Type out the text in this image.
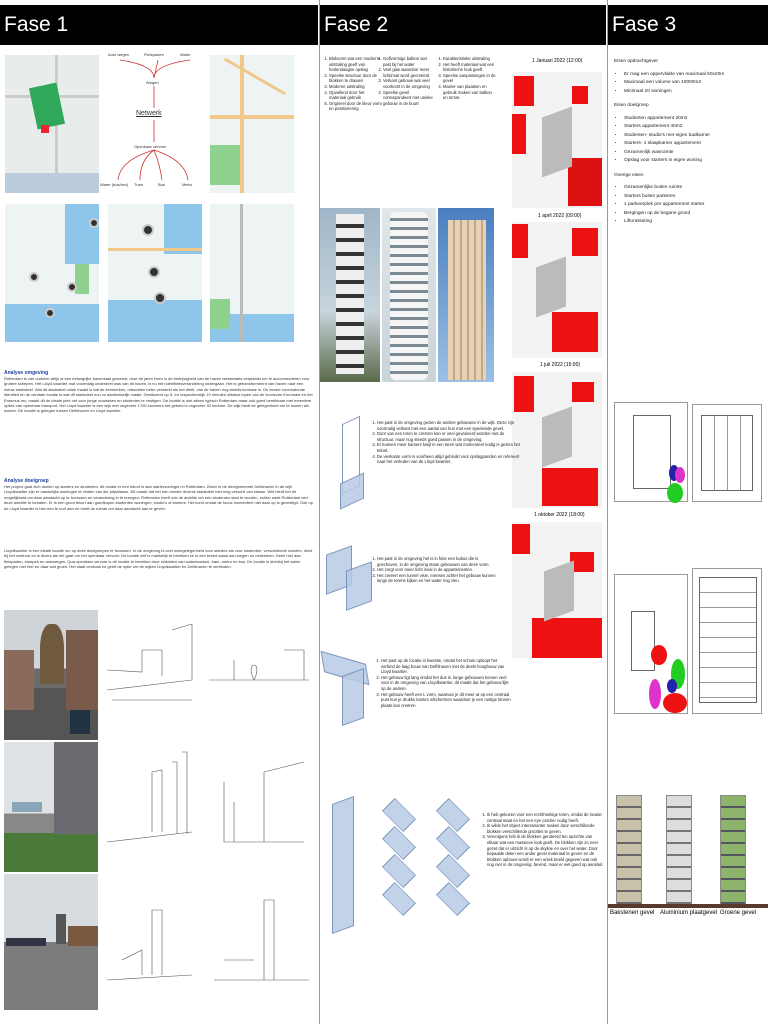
Fase 1
Auto wegen	Fietspaden	Water
Wegen
Netwerk
Openbaar vervoer
Water (bus/taxi) Tram	Bus	Metro
Analyse omgeving
Rotterdam is van oudsher altijd al een belangrijke havenstad geweest, door de jaren heen is de bedrijvigheid van de haven westwaarts verplaatst om te accommoderen voor grotere schepen. Het Lloyd kwartier, wat voormalig onderdeel was van de haven, is nu een identiteitsverandering ondergaan. Het is getransformeerd van haven naar een nieuw stadsdeel. Wat dit stadsdeel uniek maakt is dat de kenmerken, misschien beter verwerkt als het deelt, van de haven nog steeds kenbaar is. De eerder voormalende identiteit en de centrale locatie is wat dit stadsdeel nou zo aantrekkelijk maakt. Gesitueerd op 5- en respectievelijk 10 minuten afstand lopen van de iconische Euromast en het Erasmus mc, maakt dit de ideale plek om voor jonge ouwassen en studenten te vestigen. De locatie is niet alleen typisch Rotterdam maar ook goed bereikbaar met meerdere opties van openbaar transport. Het Lloyd kwartier is een wijk met ongeveer 1700 inwoners het gebied is ongeveer 30 hectare. De wijk biedt de gelegenheid om te wonen als wonen. De locatie is gelegen tussen Delfshaven en Lloyd kwartier.
Analyse doelgroep
Het project gaat zich doelen op starters en studenten, dit omdat er een tekort is aan startersoningen in Rotterdam. Zeker in de deelgemeente Delfshaven in de wijk Lloydkwartier zijn er nauwelijks woningen te vinden van die prijsklasse. Dit maakt dat het een minder diverse stadsdeel met enig verschil van klasse. Wel biedt het de mogelijkheid om daar aandacht op te focussen en verandering in te brengen. Rotterdam heeft ook de ambitie om een studenten stad te worden, echter weet Rotterdam niet deze ambitie te behalen. Er is een groot tekort aan goedkopen studenten woningen, studio's of kamers. Het komt omdat de focus momenteel niet daar op is gevestigd. Ook op de Lloyd kwartier is hier een te kort aan en heeft de ruimte om daar aandacht aan te geven.
Lloydkwartier is een ideale locatie om op deze doelgroepen te focussen. In de omgeving is veel werkgelegenheid voor starters als voor studenten, verschillende scholen, dicht bij het centrum en is divers als het gaat om het openbaar vervoer. De locatie zelf is makkelijk te bereiken ze is een breed saaia aan wegen en netwerken. Denk hier aan fietspaden, stoepen en autowegen. Qua openbaar vervoer is de locatie te bereiken door middelen van waterbus/taxi, tram, metro en bus. De locatie is dichtbij het water gelegen met hier en daar wat groen. Het staat centraal en geeft de optie om de wijken Lloydkwartier en Delfshaven te verbinden.
Fase 2
1. Blokvorm wat een moderne uitstraling geeft van hedendaagse opslag
2. Speelse structuur door de blokken te draaien
3. Moderne uitstraling
4. Opvallend door het materiaal gebruik
5. Origineel door de kleur vorm en positionering
1. Golfvormige balkon wat past bij het water
2. Veel glas waardoor meer lichtinval word gecreëerd
3. Verkant gebouw wat veel voorkomt in de omgeving
4. Speelse gevel correspondeert met unieke gebouw in de buurt
1. Karakteristieke uitstraling
2. Het heeft materiaal wat een historische look geeft
3. Speelse aanpassingen in de gevel
4. Manier van plaatsen en gebruik maken van balkon en terras
1 Januari 2022 (12:00)
1 april 2022 (09:00)
1 juli 2022 (15:00)
1 oktober 2022 (18:00)
1. Het past in de omgeving gezien de andere gebouwen in de wijk. Deze zijn voormalig verkant met een aantal van hun met een speelende gevel.
2. Door van een toren te creëren kan er veel gevarieerd worden met de structuur, maar nog steeds goed passen in de omgeving.
3. Er kunnen meer kamers kwijt in een toren wat momenteel nodig is gezien het tekort.
4. De vierkante vorm is voorheen altijd gebruikt voor opslagpanden en refereert naar het verleden van de Lloyd kwartier.
1. Het past in de omgeving het is in feite een kubus die is geschoven, in de omgeving staan gebouwen van deze vorm.
2. Het zorgt voor meer licht inval in de appartementen.
3. Het creëert een tunnel visie, mensen achter het gebouw kunnen langs de torens kijken en het water nog zien.
1. Het past op de locatie in kwestie, omdat het schuin oploopt het verbind de laag bouw van Delfshaven met de deels hoogbouw van Lloyd kwartier.
2. Het gebouw ligt lang omdat het dus is. lange gebouwen komen veel voor in de omgeving van Lloydkwartier, dit maakt dat het gebouw lijkt op de andere.
3. Het gebouw heeft een L vorm, waarvan je dit meer at op een centraal punt kun je drukke kanten afschermen waardoor je een rustige binnen plaats kan creëren.
1. Ik heb gekozen voor een rechthoekige toren, omdat de locatie centraal staat en het een eye catcher nodig heeft.
2. Ik wilde het object interessanter maken door verschillende blokken verschillende groottes te geven.
3. Vervolgens heb ik de blokken geroteerd ten opzichte van elkaar wat een massieve look geeft. De blokken zijn zo neer gezet dat er uitzicht is op de skyline en over het water. Door bepaalde delen een ander gevel materiaal te geven en de blokken opbouw wordt er een uniek beeld gegeven wat ook nog niet in de omgeving. bevind, maar er wel goed op aansluit.
Fase 3
Eisen opdrachtgever
• Er mag een oppervlakte van maximaal 50x20m
• Maximaal een volume van 10000m3
• Minimaal 20 woningen
Eisen doelgroep
• Studenten appartement 20m2
• Starters appartement 40m2
• Studenten- studio's met eigen badkamer
• Starters- 1 slaapkamer appartement
• Gezamenlijk wasruimte
• Opslag voor starters in eigen woning
Overige eisen
• Gezamenlijke buiten ruimte
• Starters buiten parkeren
• 1 parkeerplek per appartement starter
• Bergingen op de begane grond
• Liftontsluiting
Bakstenen gevel Aluminium plaatgevel Groene gevel
